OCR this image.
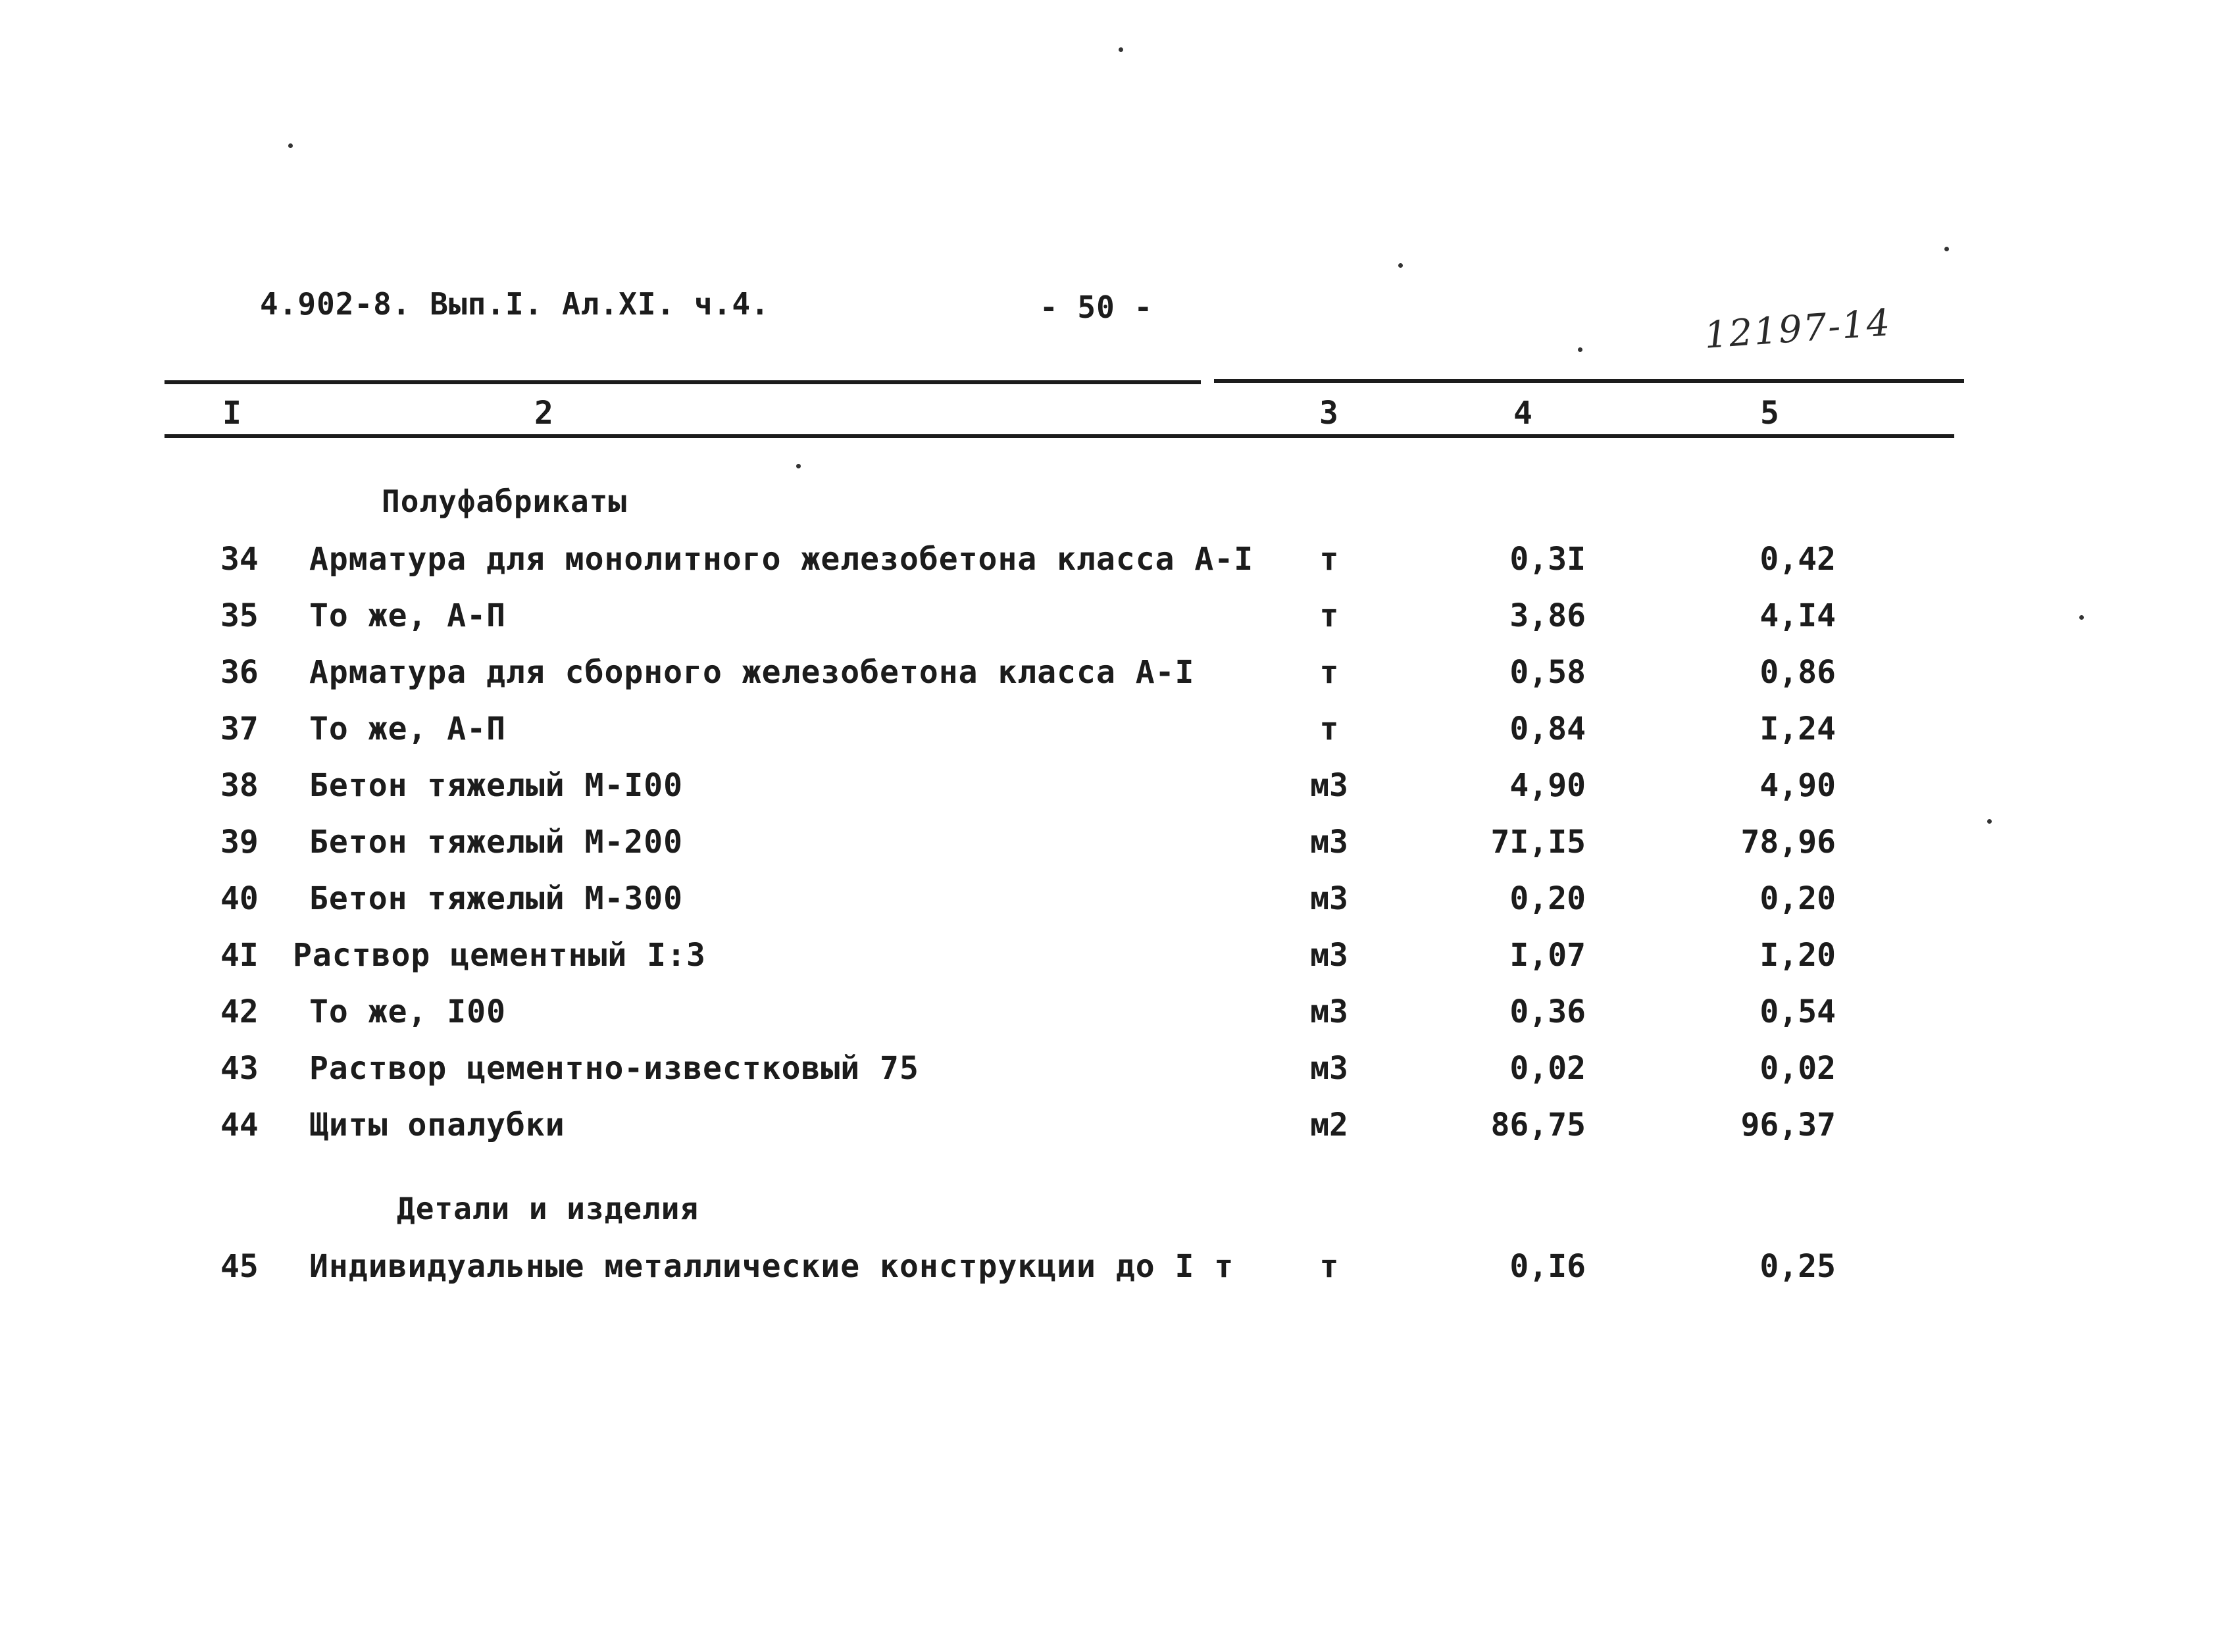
4.902-8. Вып.I. Ал.XI. ч.4.	- 50 -	12197-14
I	2	3	4	5
Полуфабрикаты
34 Арматура для монолитного железобетона класса А-I	т	0,3I	0,42
35 То же, А-П	т	3,86	4,I4
36 Арматура для сборного железобетона класса А-I	т	0,58	0,86
37 То же, А-П	т	0,84	I,24
38 Бетон тяжелый М-I00	м3	4,90	4,90
39 Бетон тяжелый М-200	м3	7I,I5	78,96
40 Бетон тяжелый М-300	м3	0,20	0,20
4I Раствор цементный I:3	м3	I,07	I,20
42 То же, I00	м3	0,36	0,54
43 Раствор цементно-известковый 75	м3	0,02	0,02
44 Щиты опалубки	м2	86,75	96,37
Детали и изделия
45 Индивидуальные металлические конструкции до I т	т	0,I6	0,25
